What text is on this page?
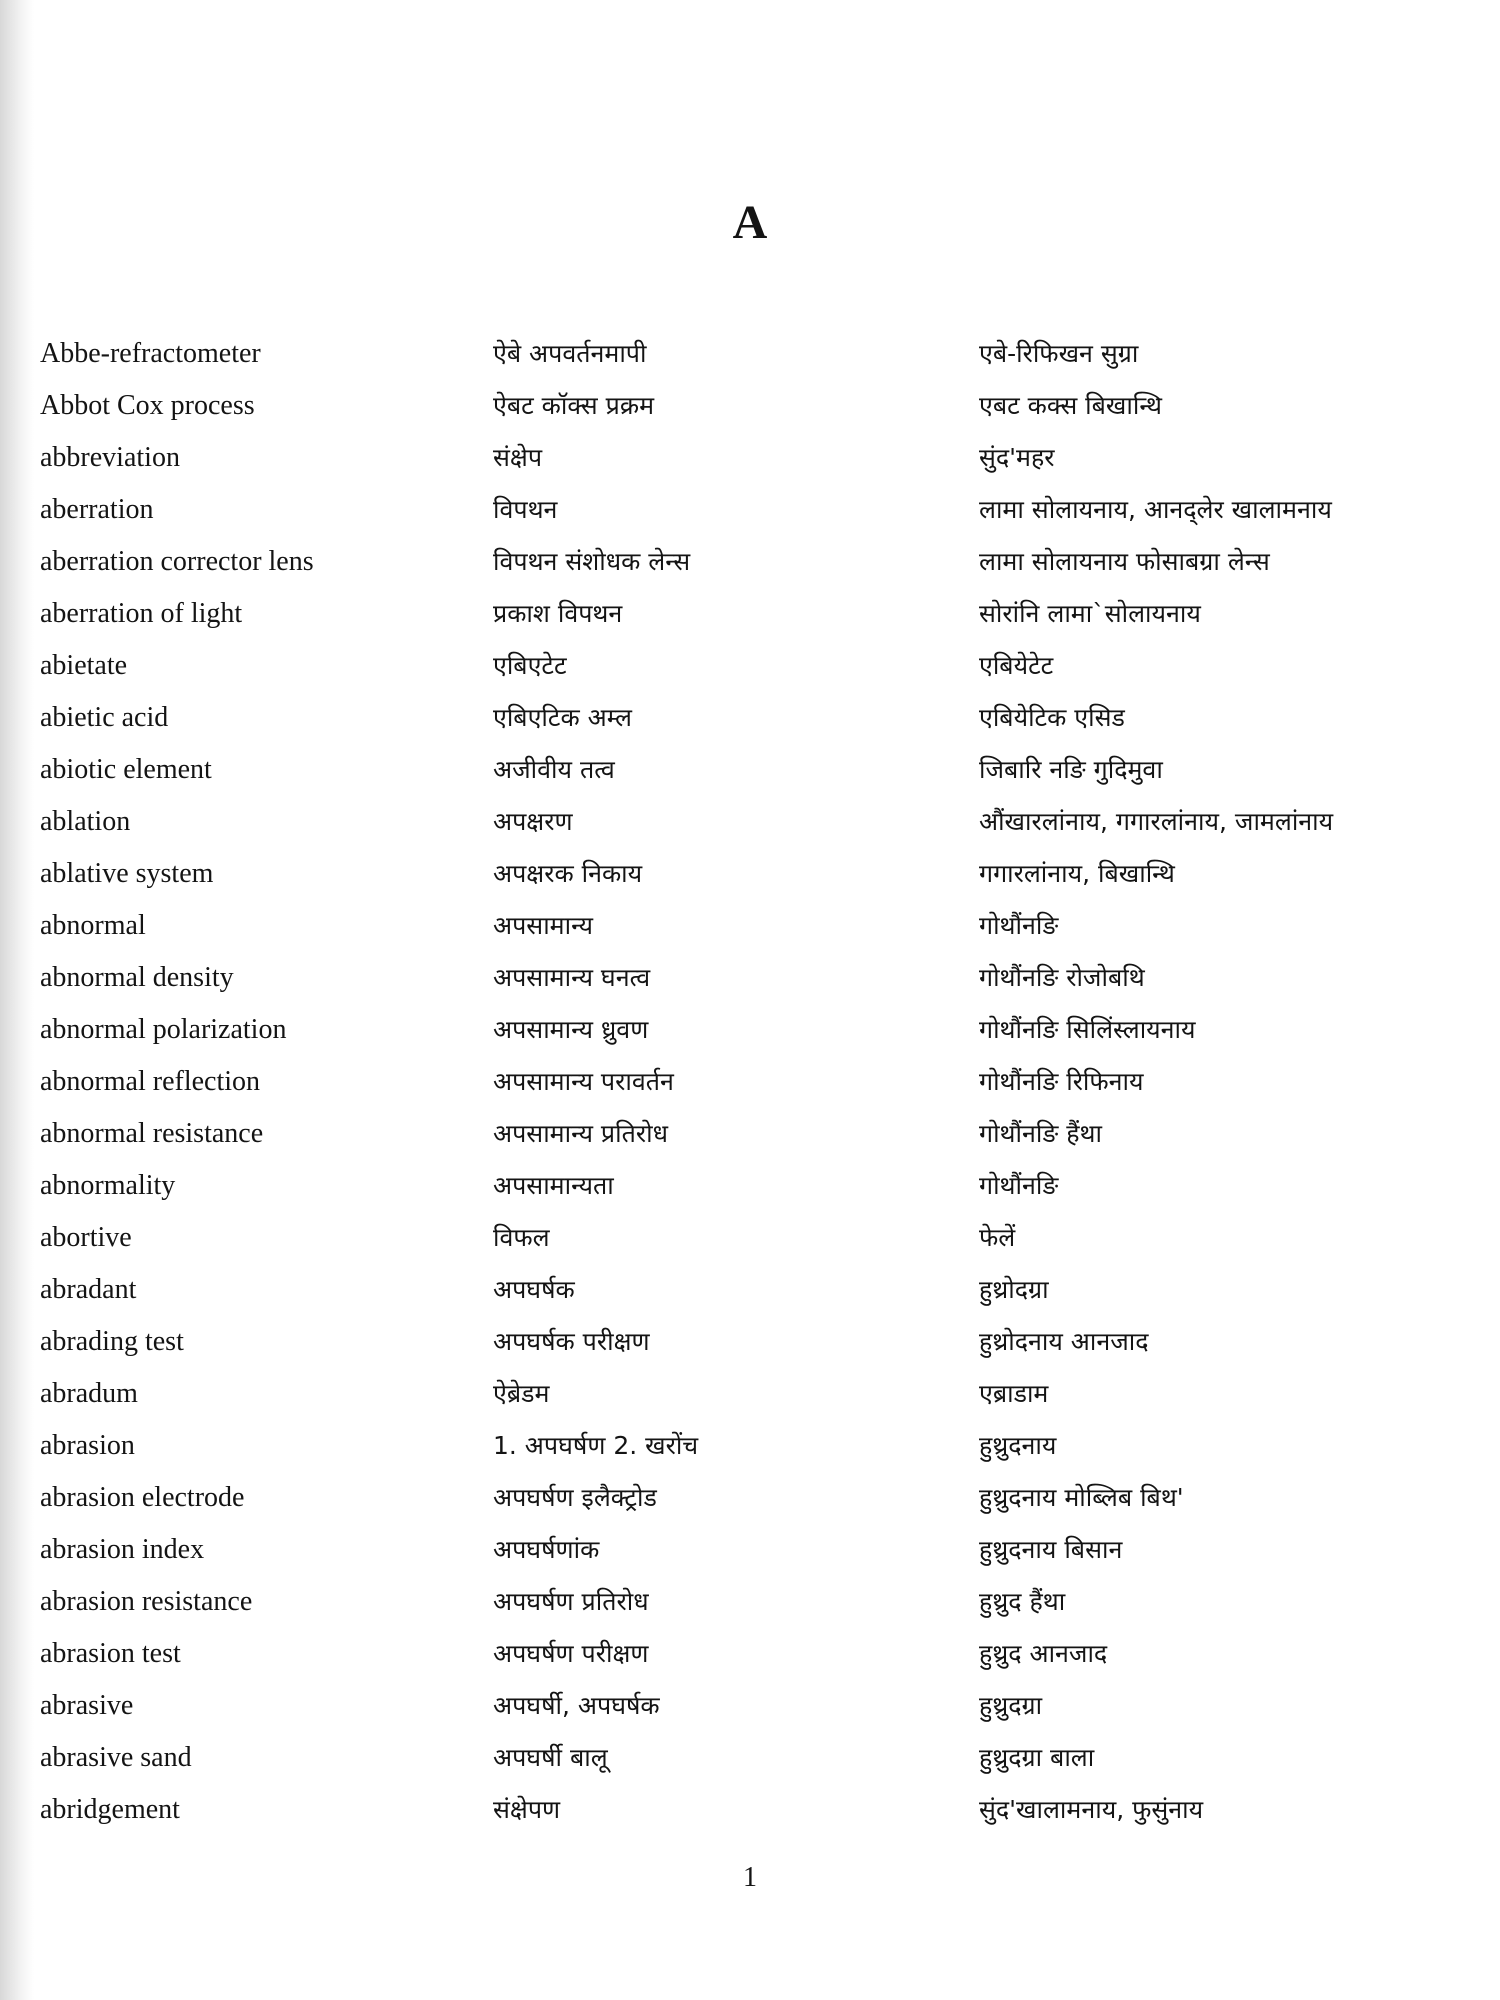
A
Abbe-refractometer	ऐबे अपवर्तनमापी	एबे-रिफिखन सुग्रा
Abbot Cox process	ऐबट कॉक्स प्रक्रम	एबट कक्स बिखान्थि
abbreviation	संक्षेप	सुंद'महर
aberration	विपथन	लामा सोलायनाय, आनद्लेर खालामनाय
aberration corrector lens	विपथन संशोधक लेन्स	लामा सोलायनाय फोसाबग्रा लेन्स
aberration of light	प्रकाश विपथन	सोरांनि लामा`सोलायनाय
abietate	एबिएटेट	एबियेटेट
abietic acid	एबिएटिक अम्ल	एबियेटिक एसिड
abiotic element	अजीवीय तत्व	जिबारि नङि गुदिमुवा
ablation	अपक्षरण	औंखारलांनाय, गगारलांनाय, जामलांनाय
ablative system	अपक्षरक निकाय	गगारलांनाय, बिखान्थि
abnormal	अपसामान्य	गोथौंनङि
abnormal density	अपसामान्य घनत्व	गोथौंनङि रोजोबथि
abnormal polarization	अपसामान्य ध्रुवण	गोथौंनङि सिलिंस्लायनाय
abnormal reflection	अपसामान्य परावर्तन	गोथौंनङि रिफिनाय
abnormal resistance	अपसामान्य प्रतिरोध	गोथौंनङि हैंथा
abnormality	अपसामान्यता	गोथौंनङि
abortive	विफल	फेलें
abradant	अपघर्षक	हुथ्रोदग्रा
abrading test	अपघर्षक परीक्षण	हुथ्रोदनाय आनजाद
abradum	ऐब्रेडम	एब्राडाम
abrasion	1. अपघर्षण 2. खरोंच	हुथ्रुदनाय
abrasion electrode	अपघर्षण इलैक्ट्रोड	हुथ्रुदनाय मोब्लिब बिथ'
abrasion index	अपघर्षणांक	हुथ्रुदनाय बिसान
abrasion resistance	अपघर्षण प्रतिरोध	हुथ्रुद हैंथा
abrasion test	अपघर्षण परीक्षण	हुथ्रुद आनजाद
abrasive	अपघर्षी, अपघर्षक	हुथ्रुदग्रा
abrasive sand	अपघर्षी बालू	हुथ्रुदग्रा बाला
abridgement	संक्षेपण	सुंद'खालामनाय, फुसुंनाय
1
